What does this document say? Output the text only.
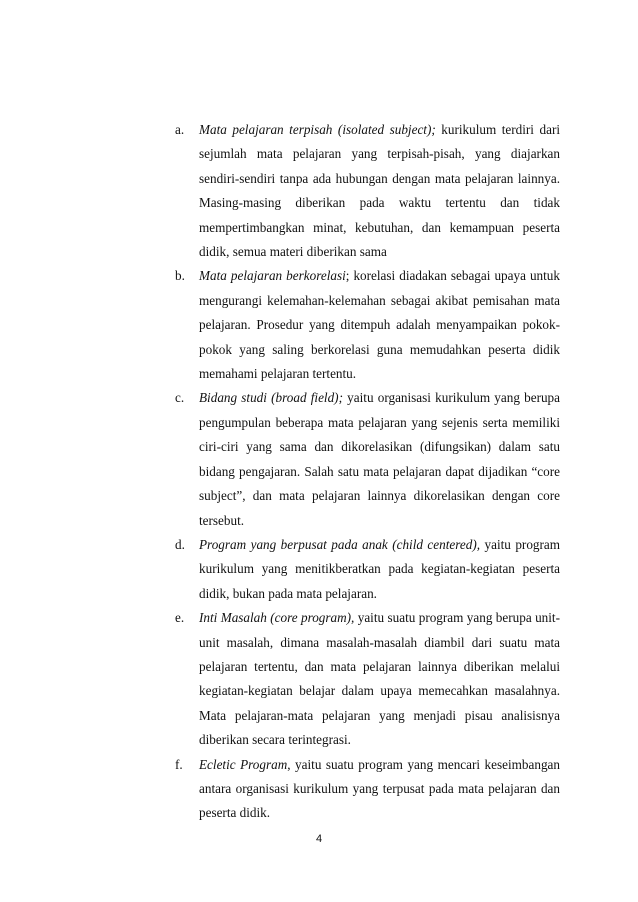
a. Mata pelajaran terpisah (isolated subject); kurikulum terdiri dari sejumlah mata pelajaran yang terpisah-pisah, yang diajarkan sendiri-sendiri tanpa ada hubungan dengan mata pelajaran lainnya. Masing-masing diberikan pada waktu tertentu dan tidak mempertimbangkan minat, kebutuhan, dan kemampuan peserta didik, semua materi diberikan sama
b. Mata pelajaran berkorelasi; korelasi diadakan sebagai upaya untuk mengurangi kelemahan-kelemahan sebagai akibat pemisahan mata pelajaran. Prosedur yang ditempuh adalah menyampaikan pokok-pokok yang saling berkorelasi guna memudahkan peserta didik memahami pelajaran tertentu.
c. Bidang studi (broad field); yaitu organisasi kurikulum yang berupa pengumpulan beberapa mata pelajaran yang sejenis serta memiliki ciri-ciri yang sama dan dikorelasikan (difungsikan) dalam satu bidang pengajaran. Salah satu mata pelajaran dapat dijadikan “core subject”, dan mata pelajaran lainnya dikorelasikan dengan core tersebut.
d. Program yang berpusat pada anak (child centered), yaitu program kurikulum yang menitikberatkan pada kegiatan-kegiatan peserta didik, bukan pada mata pelajaran.
e. Inti Masalah (core program), yaitu suatu program yang berupa unit-unit masalah, dimana masalah-masalah diambil dari suatu mata pelajaran tertentu, dan mata pelajaran lainnya diberikan melalui kegiatan-kegiatan belajar dalam upaya memecahkan masalahnya. Mata pelajaran-mata pelajaran yang menjadi pisau analisisnya diberikan secara terintegrasi.
f. Ecletic Program, yaitu suatu program yang mencari keseimbangan antara organisasi kurikulum yang terpusat pada mata pelajaran dan peserta didik.
4
